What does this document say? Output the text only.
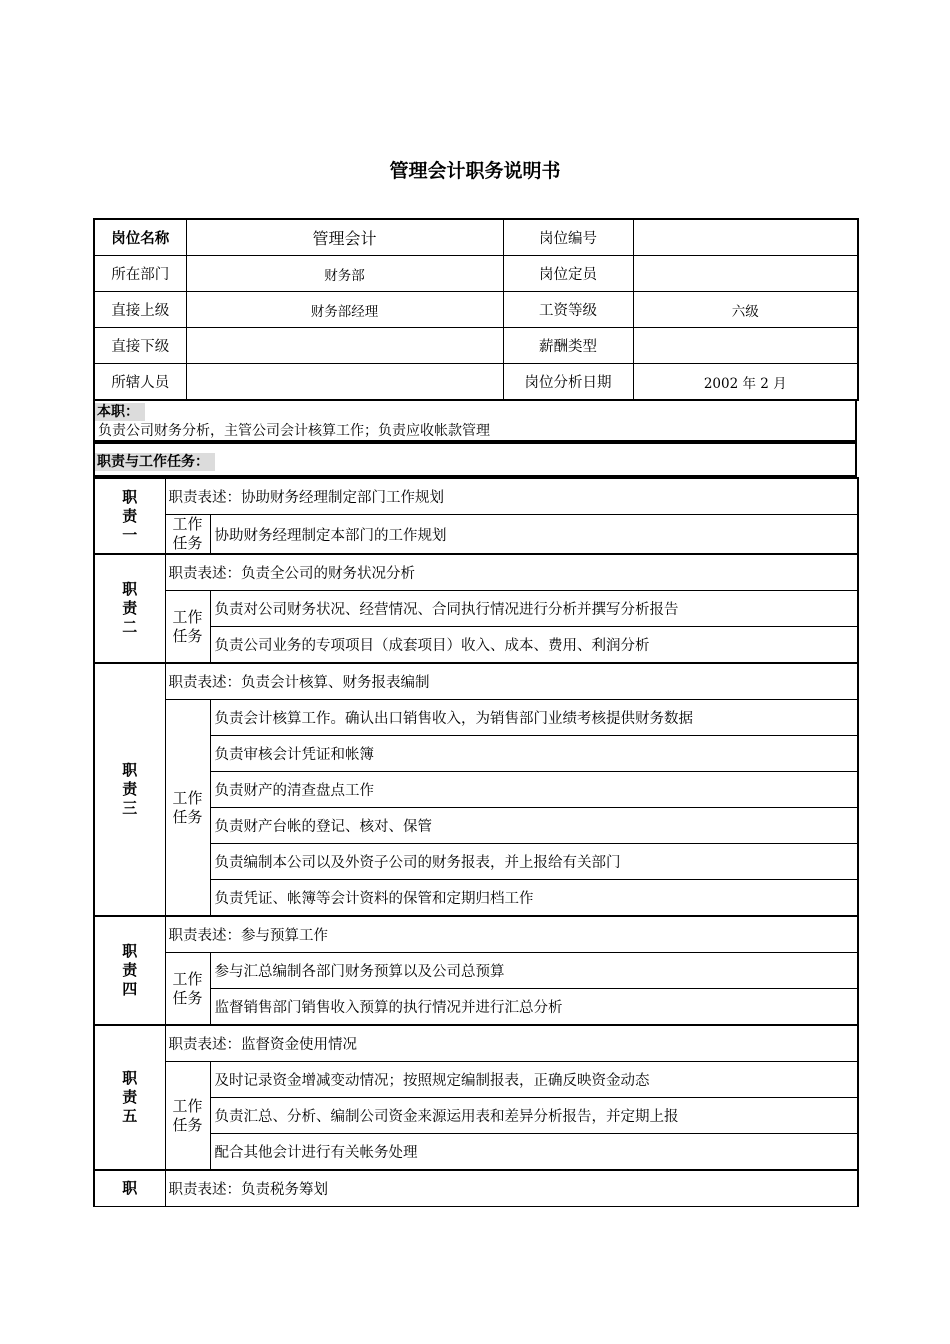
管理会计职务说明书
岗位名称	管理会计	岗位编号	
所在部门	财务部	岗位定员	
直接上级	财务部经理	工资等级	六级
直接下级		薪酬类型	
所辖人员		岗位分析日期	2002 年 2 月
本职：
负责公司财务分析，主管公司会计核算工作；负责应收帐款管理
职责与工作任务：
职责一	职责表述：协助财务经理制定部门工作规划	
	工作任务	协助财务经理制定本部门的工作规划
职责二	职责表述：负责全公司的财务状况分析	
	工作任务	负责对公司财务状况、经营情况、合同执行情况进行分析并撰写分析报告
		负责公司业务的专项项目（成套项目）收入、成本、费用、利润分析
职责三	职责表述：负责会计核算、财务报表编制	
	工作任务	负责会计核算工作。确认出口销售收入，为销售部门业绩考核提供财务数据
		负责审核会计凭证和帐簿
		负责财产的清查盘点工作
		负责财产台帐的登记、核对、保管
		负责编制本公司以及外资子公司的财务报表，并上报给有关部门
		负责凭证、帐簿等会计资料的保管和定期归档工作
职责四	职责表述：参与预算工作	
	工作任务	参与汇总编制各部门财务预算以及公司总预算
		监督销售部门销售收入预算的执行情况并进行汇总分析
职责五	职责表述：监督资金使用情况	
	工作任务	及时记录资金增减变动情况；按照规定编制报表，正确反映资金动态
		负责汇总、分析、编制公司资金来源运用表和差异分析报告，并定期上报
		配合其他会计进行有关帐务处理
职	职责表述：负责税务筹划	
